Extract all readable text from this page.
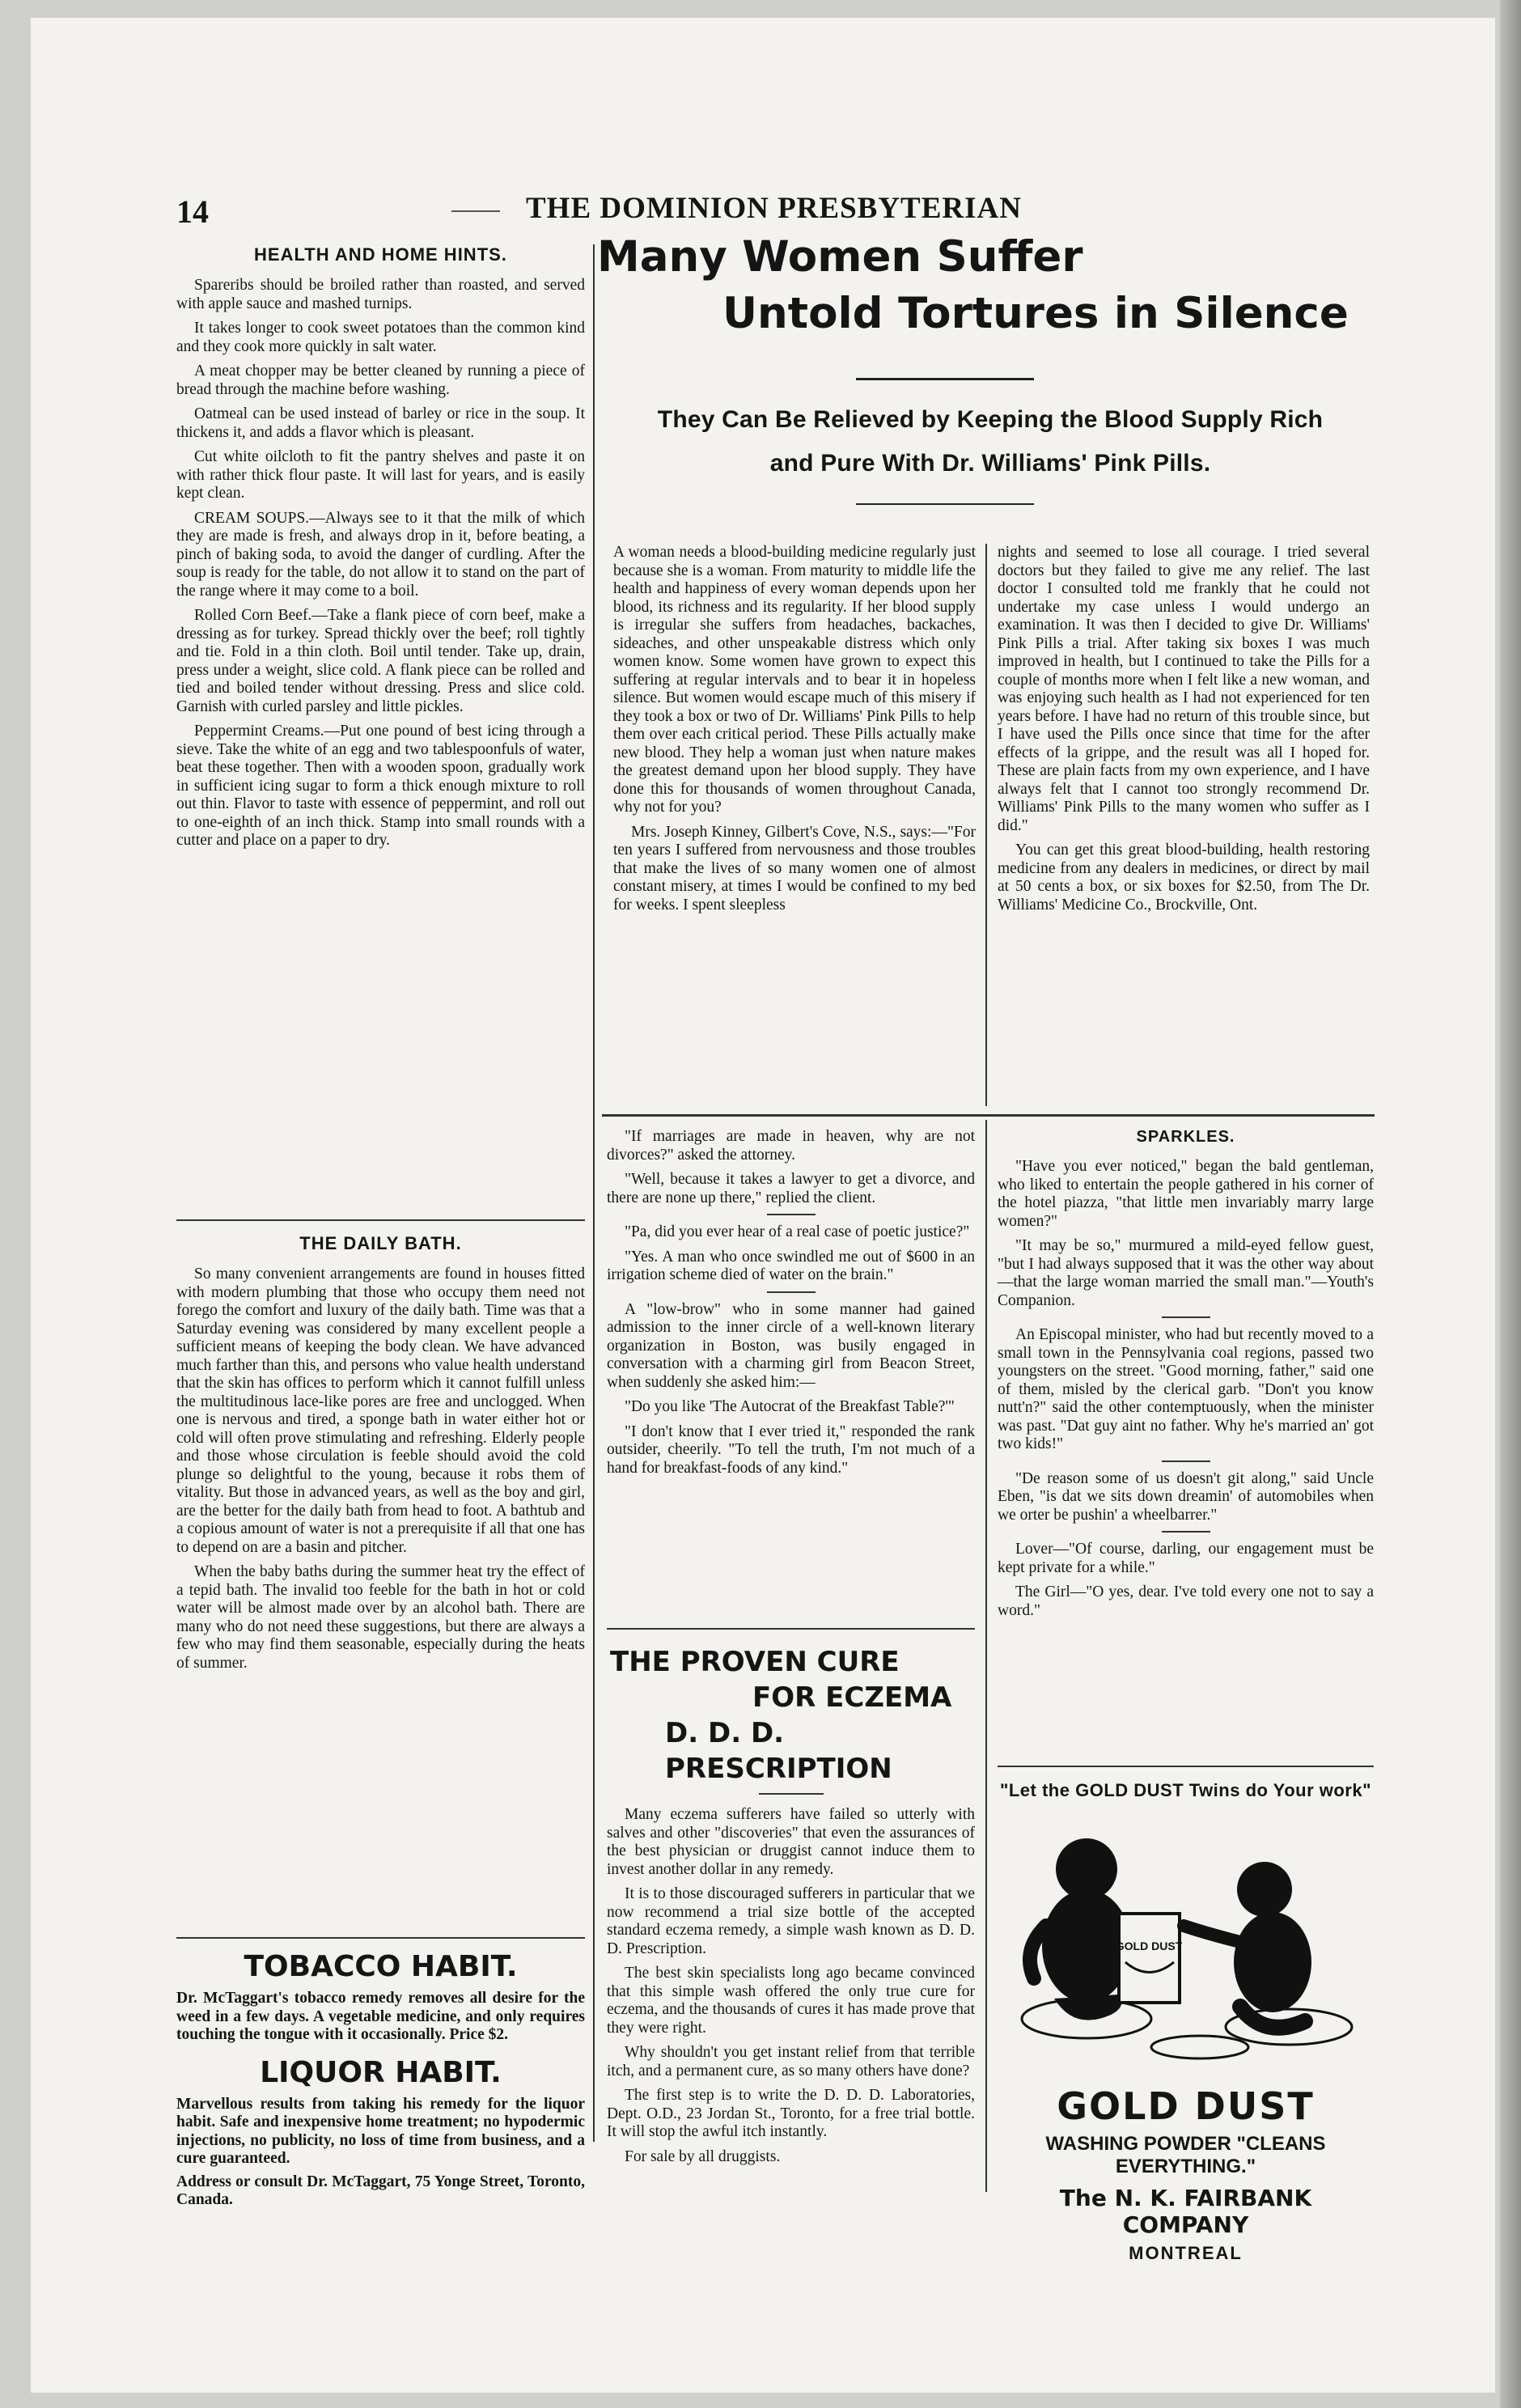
14	THE DOMINION PRESBYTERIAN
HEALTH AND HOME HINTS.

Spareribs should be broiled rather than roasted, and served with apple sauce and mashed turnips.

It takes longer to cook sweet potatoes than the common kind and they cook more quickly in salt water.

A meat chopper may be better cleaned by running a piece of bread through the machine before washing.

Oatmeal can be used instead of barley or rice in the soup. It thickens it, and adds a flavor which is pleasant.

Cut white oilcloth to fit the pantry shelves and paste it on with rather thick flour paste. It will last for years, and is easily kept clean.

CREAM SOUPS.—Always see to it that the milk of which they are made is fresh, and always drop in it, before beating, a pinch of baking soda, to avoid the danger of curdling. After the soup is ready for the table, do not allow it to stand on the part of the range where it may come to a boil.

Rolled Corn Beef.—Take a flank piece of corn beef, make a dressing as for turkey. Spread thickly over the beef; roll tightly and tie. Fold in a thin cloth. Boil until tender. Take up, drain, press under a weight, slice cold. A flank piece can be rolled and tied and boiled tender without dressing. Press and slice cold. Garnish with curled parsley and little pickles.

Peppermint Creams.—Put one pound of best icing through a sieve. Take the white of an egg and two tablespoonfuls of water, beat these together. Then with a wooden spoon, gradually work in sufficient icing sugar to form a thick enough mixture to roll out thin. Flavor to taste with essence of peppermint, and roll out to one-eighth of an inch thick. Stamp into small rounds with a cutter and place on a paper to dry.

THE DAILY BATH.

So many convenient arrangements are found in houses fitted with modern plumbing that those who occupy them need not forego the comfort and luxury of the daily bath. Time was that a Saturday evening was considered by many excellent people a sufficient means of keeping the body clean. We have advanced much farther than this, and persons who value health understand that the skin has offices to perform which it cannot fulfill unless the multitudinous lace-like pores are free and unclogged. When one is nervous and tired, a sponge bath in water either hot or cold will often prove stimulating and refreshing. Elderly people and those whose circulation is feeble should avoid the cold plunge so delightful to the young, because it robs them of vitality. But those in advanced years, as well as the boy and girl, are the better for the daily bath from head to foot. A bathtub and a copious amount of water is not a prerequisite if all that one has to depend on are a basin and pitcher.

When the baby baths during the summer heat try the effect of a tepid bath. The invalid too feeble for the bath in hot or cold water will be almost made over by an alcohol bath. There are many who do not need these suggestions, but there are always a few who may find them seasonable, especially during the heats of summer.

TOBACCO HABIT.
Dr. McTaggart's tobacco remedy removes all desire for the weed in a few days. A vegetable medicine, and only requires touching the tongue with it occasionally. Price $2.
LIQUOR HABIT.
Marvellous results from taking his remedy for the liquor habit. Safe and inexpensive home treatment; no hypodermic injections, no publicity, no loss of time from business, and a cure guaranteed.
Address or consult Dr. McTaggart, 75 Yonge Street, Toronto, Canada.
Many Women Suffer
Untold Tortures in Silence
They Can Be Relieved by Keeping the Blood Supply Rich
and Pure With Dr. Williams' Pink Pills.

A woman needs a blood-building medicine regularly just because she is a woman. From maturity to middle life the health and happiness of every woman depends upon her blood, its richness and its regularity. If her blood supply is irregular she suffers from headaches, backaches, sideaches, and other unspeakable distress which only women know. Some women have grown to expect this suffering at regular intervals and to bear it in hopeless silence. But women would escape much of this misery if they took a box or two of Dr. Williams' Pink Pills to help them over each critical period. These Pills actually make new blood. They help a woman just when nature makes the greatest demand upon her blood supply. They have done this for thousands of women throughout Canada, why not for you?

Mrs. Joseph Kinney, Gilbert's Cove, N.S., says:—"For ten years I suffered from nervousness and those troubles that make the lives of so many women one of almost constant misery, at times I would be confined to my bed for weeks. I spent sleepless

nights and seemed to lose all courage. I tried several doctors but they failed to give me any relief. The last doctor I consulted told me frankly that he could not undertake my case unless I would undergo an examination. It was then I decided to give Dr. Williams' Pink Pills a trial. After taking six boxes I was much improved in health, but I continued to take the Pills for a couple of months more when I felt like a new woman, and was enjoying such health as I had not experienced for ten years before. I have had no return of this trouble since, but I have used the Pills once since that time for the after effects of la grippe, and the result was all I hoped for. These are plain facts from my own experience, and I have always felt that I cannot too strongly recommend Dr. Williams' Pink Pills to the many women who suffer as I did."

You can get this great blood-building, health restoring medicine from any dealers in medicines, or direct by mail at 50 cents a box, or six boxes for $2.50, from The Dr. Williams' Medicine Co., Brockville, Ont.

"If marriages are made in heaven, why are not divorces?" asked the attorney.

"Well, because it takes a lawyer to get a divorce, and there are none up there," replied the client.

"Pa, did you ever hear of a real case of poetic justice?"

"Yes. A man who once swindled me out of $600 in an irrigation scheme died of water on the brain."

A "low-brow" who in some manner had gained admission to the inner circle of a well-known literary organization in Boston, was busily engaged in conversation with a charming girl from Beacon Street, when suddenly she asked him:—

"Do you like 'The Autocrat of the Breakfast Table?'"

"I don't know that I ever tried it," responded the rank outsider, cheerily. "To tell the truth, I'm not much of a hand for breakfast-foods of any kind."

THE PROVEN CURE
FOR ECZEMA
D. D. D. PRESCRIPTION

Many eczema sufferers have failed so utterly with salves and other "discoveries" that even the assurances of the best physician or druggist cannot induce them to invest another dollar in any remedy.

It is to those discouraged sufferers in particular that we now recommend a trial size bottle of the accepted standard eczema remedy, a simple wash known as D. D. D. Prescription.

The best skin specialists long ago became convinced that this simple wash offered the only true cure for eczema, and the thousands of cures it has made prove that they were right.

Why shouldn't you get instant relief from that terrible itch, and a permanent cure, as so many others have done?

The first step is to write the D. D. D. Laboratories, Dept. O.D., 23 Jordan St., Toronto, for a free trial bottle. It will stop the awful itch instantly.

For sale by all druggists.

SPARKLES.

"Have you ever noticed," began the bald gentleman, who liked to entertain the people gathered in his corner of the hotel piazza, "that little men invariably marry large women?"

"It may be so," murmured a mild-eyed fellow guest, "but I had always supposed that it was the other way about—that the large woman married the small man."—Youth's Companion.

An Episcopal minister, who had but recently moved to a small town in the Pennsylvania coal regions, passed two youngsters on the street. "Good morning, father," said one of them, misled by the clerical garb. "Don't you know nutt'n?" said the other contemptuously, when the minister was past. "Dat guy aint no father. Why he's married an' got two kids!"

"De reason some of us doesn't git along," said Uncle Eben, "is dat we sits down dreamin' of automobiles when we orter be pushin' a wheelbarrer."

Lover—"Of course, darling, our engagement must be kept private for a while."

The Girl—"O yes, dear. I've told every one not to say a word."

"Let the GOLD DUST Twins do Your work"
GOLD DUST
GOLD DUST
WASHING POWDER "CLEANS EVERYTHING."
The N. K. FAIRBANK COMPANY
MONTREAL
